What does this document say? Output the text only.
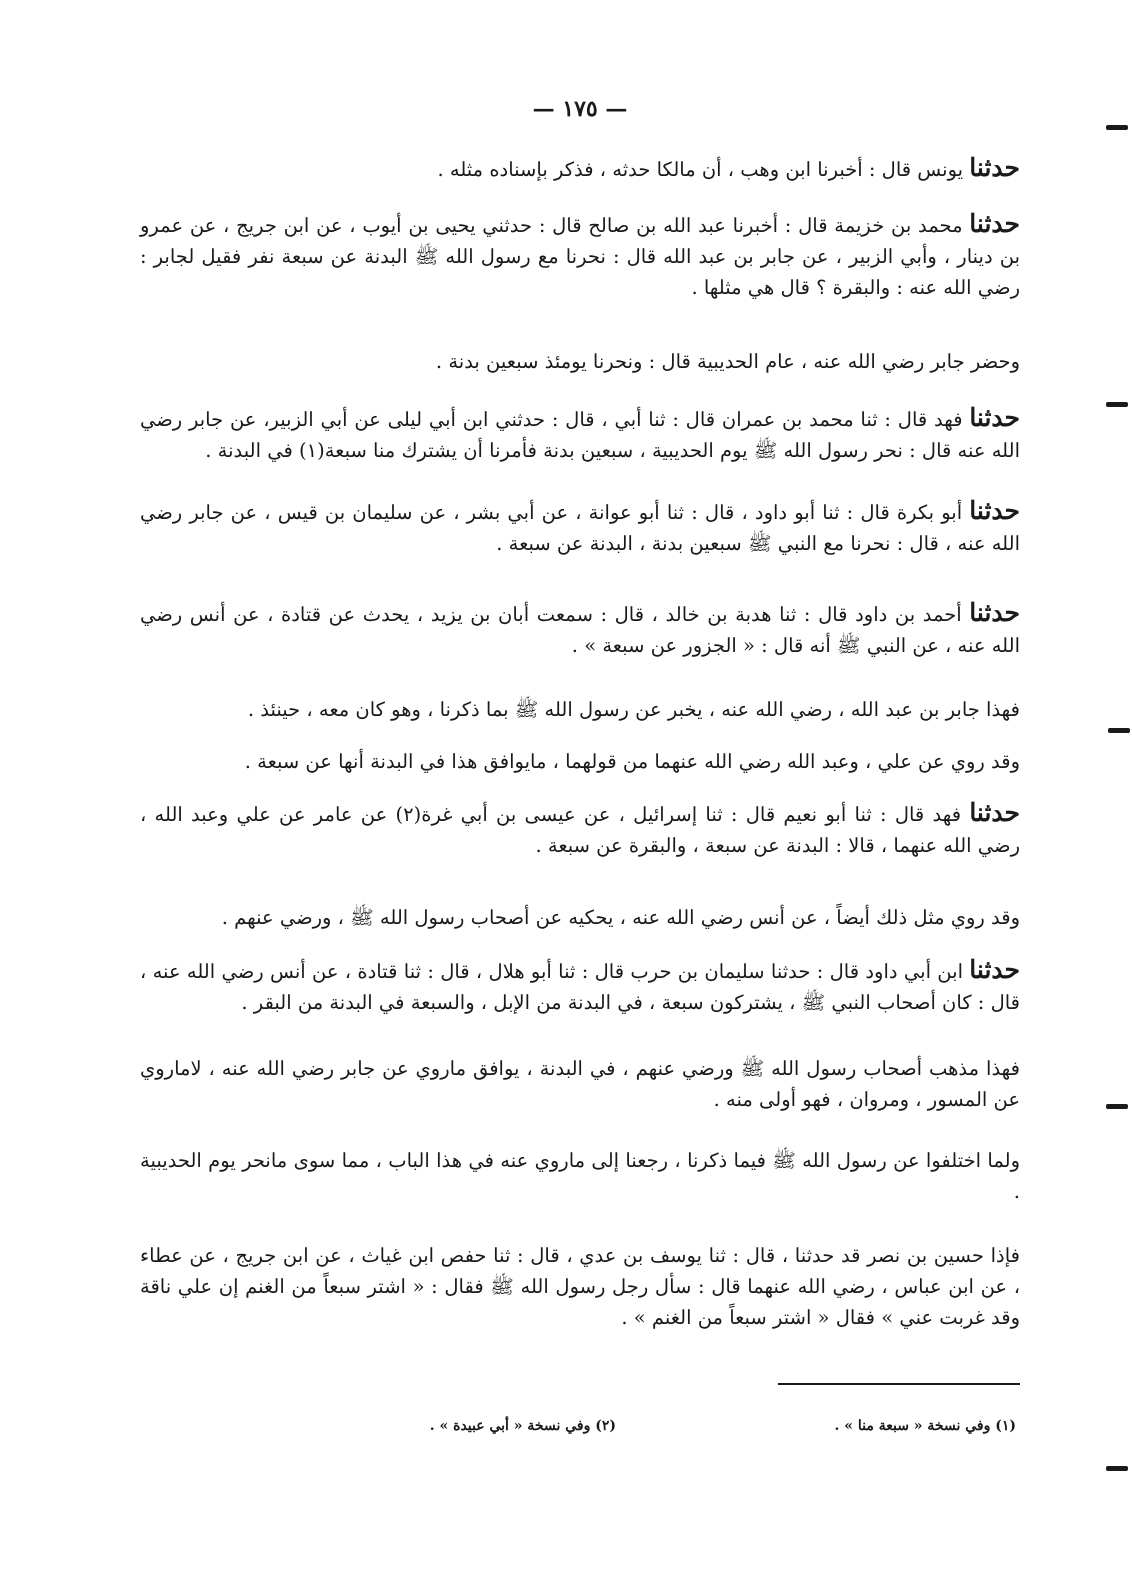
— ١٧٥ —

حدثنا يونس قال : أخبرنا ابن وهب ، أن مالكا حدثه ، فذكر بإسناده مثله .

حدثنا محمد بن خزيمة قال : أخبرنا عبد الله بن صالح قال : حدثني يحيى بن أيوب ، عن ابن جريج ، عن عمرو بن دينار ، وأبي الزبير ، عن جابر بن عبد الله قال : نحرنا مع رسول الله ﷺ البدنة عن سبعة نفر فقيل لجابر : رضي الله عنه : والبقرة ؟ قال هي مثلها .

وحضر جابر رضي الله عنه ، عام الحديبية قال : ونحرنا يومئذ سبعين بدنة .

حدثنا فهد قال : ثنا محمد بن عمران قال : ثنا أبي ، قال : حدثني ابن أبي ليلى عن أبي الزبير، عن جابر رضي الله عنه قال : نحر رسول الله ﷺ يوم الحديبية ، سبعين بدنة فأمرنا أن يشترك منا سبعة(١) في البدنة .

حدثنا أبو بكرة قال : ثنا أبو داود ، قال : ثنا أبو عوانة ، عن أبي بشر ، عن سليمان بن قيس ، عن جابر رضي الله عنه ، قال : نحرنا مع النبي ﷺ سبعين بدنة ، البدنة عن سبعة .

حدثنا أحمد بن داود قال : ثنا هدبة بن خالد ، قال : سمعت أبان بن يزيد ، يحدث عن قتادة ، عن أنس رضي الله عنه ، عن النبي ﷺ أنه قال : « الجزور عن سبعة » .

فهذا جابر بن عبد الله ، رضي الله عنه ، يخبر عن رسول الله ﷺ بما ذكرنا ، وهو كان معه ، حينئذ .

وقد روي عن علي ، وعبد الله رضي الله عنهما من قولهما ، مايوافق هذا في البدنة أنها عن سبعة .

حدثنا فهد قال : ثنا أبو نعيم قال : ثنا إسرائيل ، عن عيسى بن أبي غرة(٢) عن عامر عن علي وعبد الله ، رضي الله عنهما ، قالا : البدنة عن سبعة ، والبقرة عن سبعة .

وقد روي مثل ذلك أيضاً ، عن أنس رضي الله عنه ، يحكيه عن أصحاب رسول الله ﷺ ، ورضي عنهم .

حدثنا ابن أبي داود قال : حدثنا سليمان بن حرب قال : ثنا أبو هلال ، قال : ثنا قتادة ، عن أنس رضي الله عنه ، قال : كان أصحاب النبي ﷺ ، يشتركون سبعة ، في البدنة من الإبل ، والسبعة في البدنة من البقر .

فهذا مذهب أصحاب رسول الله ﷺ ورضي عنهم ، في البدنة ، يوافق ماروي عن جابر رضي الله عنه ، لاماروي عن المسور ، ومروان ، فهو أولى منه .

ولما اختلفوا عن رسول الله ﷺ فيما ذكرنا ، رجعنا إلى ماروي عنه في هذا الباب ، مما سوى مانحر يوم الحديبية .

فإذا حسين بن نصر قد حدثنا ، قال : ثنا يوسف بن عدي ، قال : ثنا حفص ابن غياث ، عن ابن جريج ، عن عطاء ، عن ابن عباس ، رضي الله عنهما قال : سأل رجل رسول الله ﷺ فقال : « اشتر سبعاً من الغنم إن علي ناقة وقد غربت عني » فقال « اشتر سبعاً من الغنم » .

(١) وفي نسخة « سبعة منا » .
(٢) وفي نسخة « أبي عبيدة » .
